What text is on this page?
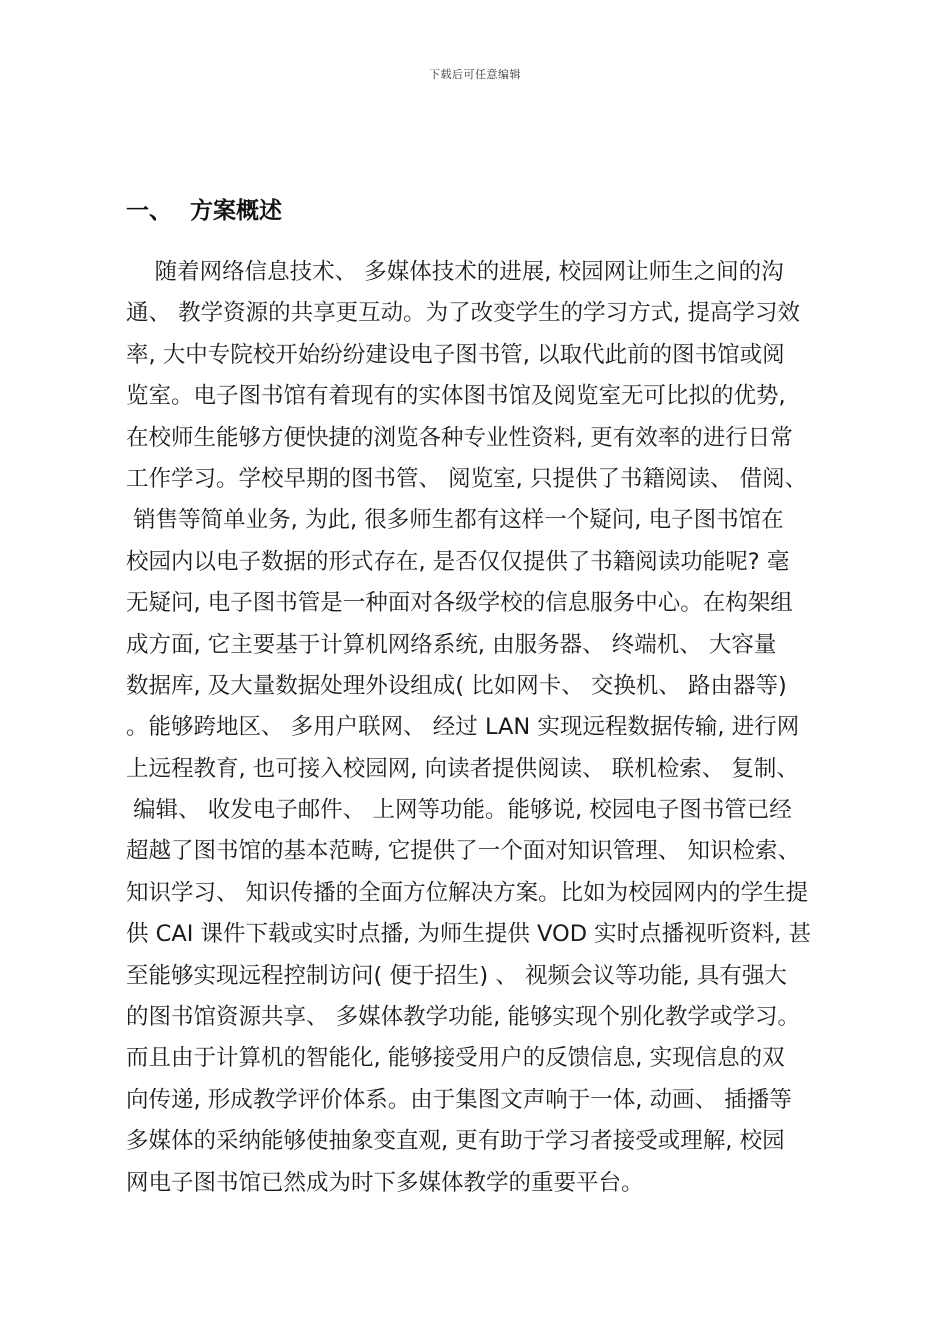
下载后可任意编辑
一、 方案概述
随着网络信息技术、 多媒体技术的进展, 校园网让师生之间的沟
通、 教学资源的共享更互动。为了改变学生的学习方式, 提高学习效
率, 大中专院校开始纷纷建设电子图书管, 以取代此前的图书馆或阅
览室。电子图书馆有着现有的实体图书馆及阅览室无可比拟的优势,
在校师生能够方便快捷的浏览各种专业性资料, 更有效率的进行日常
工作学习。学校早期的图书管、 阅览室, 只提供了书籍阅读、 借阅、
销售等简单业务, 为此, 很多师生都有这样一个疑问, 电子图书馆在
校园内以电子数据的形式存在, 是否仅仅提供了书籍阅读功能呢? 毫
无疑问, 电子图书管是一种面对各级学校的信息服务中心。在构架组
成方面, 它主要基于计算机网络系统, 由服务器、 终端机、 大容量
数据库, 及大量数据处理外设组成( 比如网卡、 交换机、 路由器等)
。能够跨地区、 多用户联网、 经过 LAN 实现远程数据传输, 进行网
上远程教育, 也可接入校园网, 向读者提供阅读、 联机检索、 复制、
编辑、 收发电子邮件、 上网等功能。能够说, 校园电子图书管已经
超越了图书馆的基本范畴, 它提供了一个面对知识管理、 知识检索、
知识学习、 知识传播的全面方位解决方案。比如为校园网内的学生提
供 CAI 课件下载或实时点播, 为师生提供 VOD 实时点播视听资料, 甚
至能够实现远程控制访问( 便于招生) 、 视频会议等功能, 具有强大
的图书馆资源共享、 多媒体教学功能, 能够实现个别化教学或学习。
而且由于计算机的智能化, 能够接受用户的反馈信息, 实现信息的双
向传递, 形成教学评价体系。由于集图文声响于一体, 动画、 插播等
多媒体的采纳能够使抽象变直观, 更有助于学习者接受或理解, 校园
网电子图书馆已然成为时下多媒体教学的重要平台。
